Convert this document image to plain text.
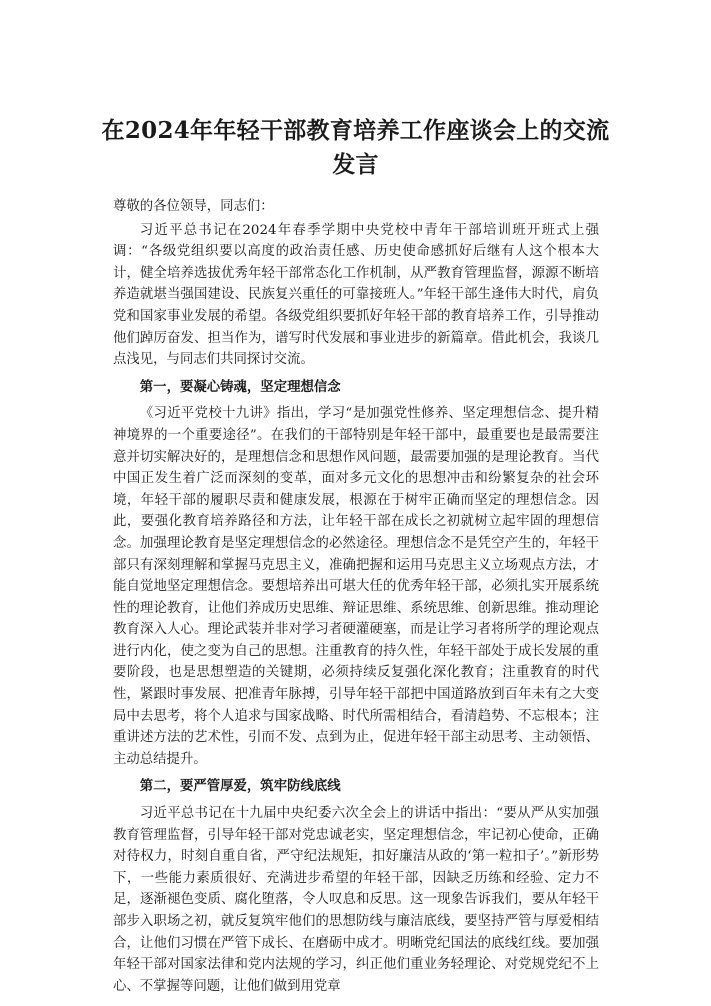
在2024年年轻干部教育培养工作座谈会上的交流发言

尊敬的各位领导，同志们：

习近平总书记在2024年春季学期中央党校中青年干部培训班开班式上强调：“各级党组织要以高度的政治责任感、历史使命感抓好后继有人这个根本大计，健全培养选拔优秀年轻干部常态化工作机制，从严教育管理监督，源源不断培养造就堪当强国建设、民族复兴重任的可靠接班人。”年轻干部生逢伟大时代，肩负党和国家事业发展的希望。各级党组织要抓好年轻干部的教育培养工作，引导推动他们踔厉奋发、担当作为，谱写时代发展和事业进步的新篇章。借此机会，我谈几点浅见，与同志们共同探讨交流。

第一，要凝心铸魂，坚定理想信念

《习近平党校十九讲》指出，学习“是加强党性修养、坚定理想信念、提升精神境界的一个重要途径”。在我们的干部特别是年轻干部中，最重要也是最需要注意并切实解决好的，是理想信念和思想作风问题，最需要加强的是理论教育。当代中国正发生着广泛而深刻的变革，面对多元文化的思想冲击和纷繁复杂的社会环境，年轻干部的履职尽责和健康发展，根源在于树牢正确而坚定的理想信念。因此，要强化教育培养路径和方法，让年轻干部在成长之初就树立起牢固的理想信念。加强理论教育是坚定理想信念的必然途径。理想信念不是凭空产生的，年轻干部只有深刻理解和掌握马克思主义，准确把握和运用马克思主义立场观点方法，才能自觉地坚定理想信念。要想培养出可堪大任的优秀年轻干部，必须扎实开展系统性的理论教育，让他们养成历史思维、辩证思维、系统思维、创新思维。推动理论教育深入人心。理论武装并非对学习者硬灌硬塞，而是让学习者将所学的理论观点进行内化，使之变为自己的思想。注重教育的持久性，年轻干部处于成长发展的重要阶段，也是思想塑造的关键期，必须持续反复强化深化教育；注重教育的时代性，紧跟时事发展、把准青年脉搏，引导年轻干部把中国道路放到百年未有之大变局中去思考，将个人追求与国家战略、时代所需相结合，看清趋势、不忘根本；注重讲述方法的艺术性，引而不发、点到为止，促进年轻干部主动思考、主动领悟、主动总结提升。

第二，要严管厚爱，筑牢防线底线

习近平总书记在十九届中央纪委六次全会上的讲话中指出：“要从严从实加强教育管理监督，引导年轻干部对党忠诚老实，坚定理想信念，牢记初心使命，正确对待权力，时刻自重自省，严守纪法规矩，扣好廉洁从政的‘第一粒扣子’。”新形势下，一些能力素质很好、充满进步希望的年轻干部，因缺乏历练和经验、定力不足，逐渐褪色变质、腐化堕落，令人叹息和反思。这一现象告诉我们，要从年轻干部步入职场之初，就反复筑牢他们的思想防线与廉洁底线，要坚持严管与厚爱相结合，让他们习惯在严管下成长、在磨砺中成才。明晰党纪国法的底线红线。要加强年轻干部对国家法律和党内法规的学习，纠正他们重业务轻理论、对党规党纪不上心、不掌握等问题，让他们做到用党章
